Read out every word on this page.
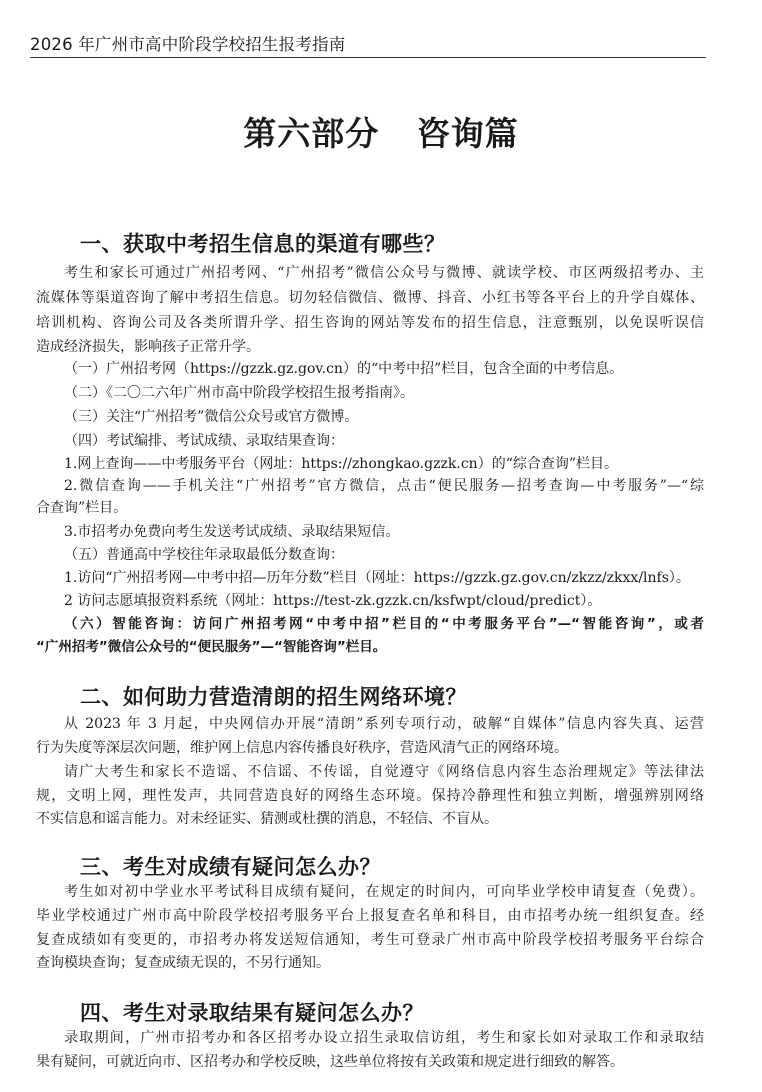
2026 年广州市高中阶段学校招生报考指南
第六部分   咨询篇
一、获取中考招生信息的渠道有哪些？
考生和家长可通过广州招考网、“广州招考”微信公众号与微博、就读学校、市区两级招考办、主
流媒体等渠道咨询了解中考招生信息。切勿轻信微信、微博、抖音、小红书等各平台上的升学自媒体、
培训机构、咨询公司及各类所谓升学、招生咨询的网站等发布的招生信息，注意甄别，以免误听误信
造成经济损失，影响孩子正常升学。
（一）广州招考网（https://gzzk.gz.gov.cn）的“中考中招”栏目，包含全面的中考信息。
（二）《二〇二六年广州市高中阶段学校招生报考指南》。
（三）关注“广州招考”微信公众号或官方微博。
（四）考试编排、考试成绩、录取结果查询：
1.网上查询——中考服务平台（网址：https://zhongkao.gzzk.cn）的“综合查询”栏目。
2.微信查询——手机关注“广州招考”官方微信，点击“便民服务—招考查询—中考服务”—“综
合查询”栏目。
3.市招考办免费向考生发送考试成绩、录取结果短信。
（五）普通高中学校往年录取最低分数查询：
1.访问“广州招考网—中考中招—历年分数”栏目（网址：https://gzzk.gz.gov.cn/zkzz/zkxx/lnfs）。
2 访问志愿填报资料系统（网址：https://test-zk.gzzk.cn/ksfwpt/cloud/predict）。
（六）智能咨询：访问广州招考网“中考中招”栏目的“中考服务平台”—“智能咨询”，或者
“广州招考”微信公众号的“便民服务”—“智能咨询”栏目。
二、如何助力营造清朗的招生网络环境？
从 2023 年 3 月起，中央网信办开展“清朗”系列专项行动，破解“自媒体”信息内容失真、运营
行为失度等深层次问题，维护网上信息内容传播良好秩序，营造风清气正的网络环境。
请广大考生和家长不造谣、不信谣、不传谣，自觉遵守《网络信息内容生态治理规定》等法律法
规，文明上网，理性发声，共同营造良好的网络生态环境。保持冷静理性和独立判断，增强辨别网络
不实信息和谣言能力。对未经证实、猜测或杜撰的消息，不轻信、不盲从。
三、考生对成绩有疑问怎么办？
考生如对初中学业水平考试科目成绩有疑问，在规定的时间内，可向毕业学校申请复查（免费）。
毕业学校通过广州市高中阶段学校招考服务平台上报复查名单和科目，由市招考办统一组织复查。经
复查成绩如有变更的，市招考办将发送短信通知，考生可登录广州市高中阶段学校招考服务平台综合
查询模块查询；复查成绩无误的，不另行通知。
四、考生对录取结果有疑问怎么办？
录取期间，广州市招考办和各区招考办设立招生录取信访组，考生和家长如对录取工作和录取结
果有疑问，可就近向市、区招考办和学校反映，这些单位将按有关政策和规定进行细致的解答。
